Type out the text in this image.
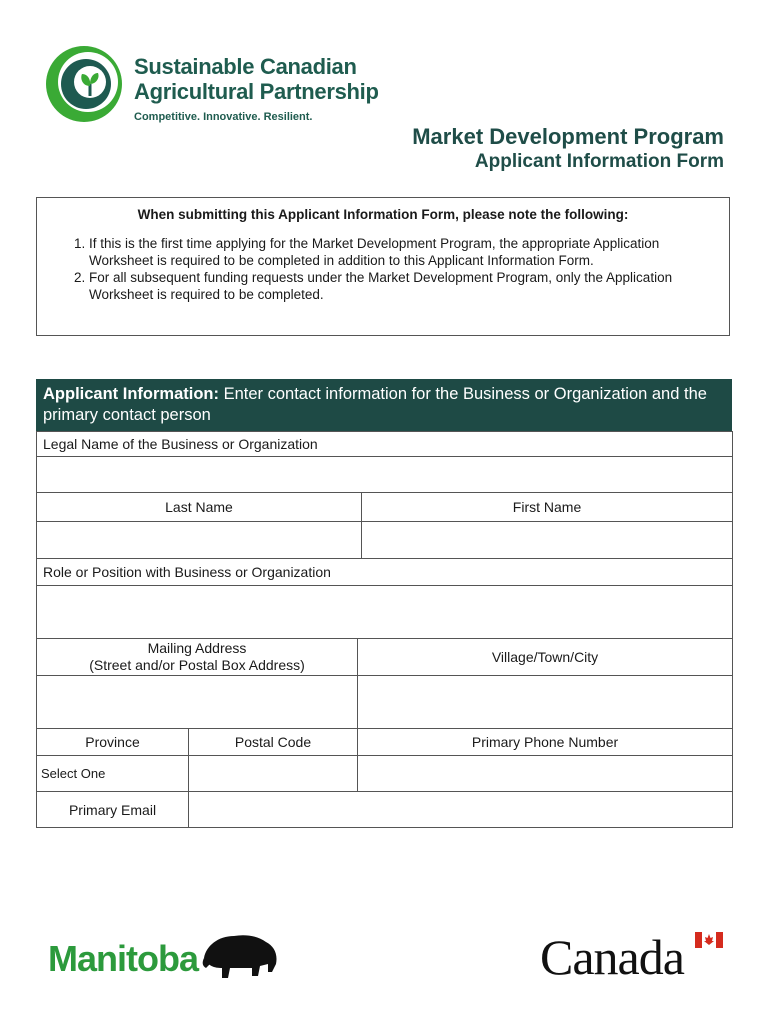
Sustainable Canadian
Agricultural Partnership
Competitive. Innovative. Resilient.
Market Development Program
Applicant Information Form
When submitting this Applicant Information Form, please note the following:
1. If this is the first time applying for the Market Development Program, the appropriate Application Worksheet is required to be completed in addition to this Applicant Information Form.
2. For all subsequent funding requests under the Market Development Program, only the Application Worksheet is required to be completed.
Applicant Information: Enter contact information for the Business or Organization and the primary contact person
Legal Name of the Business or Organization			

Last Name			First Name

Role or Position with Business or Organization			

Mailing Address
(Street and/or Postal Box Address)		Village/Town/City	

Province	Postal Code	Primary Phone Number	
Select One			
Primary Email			
Manitoba	Canada
